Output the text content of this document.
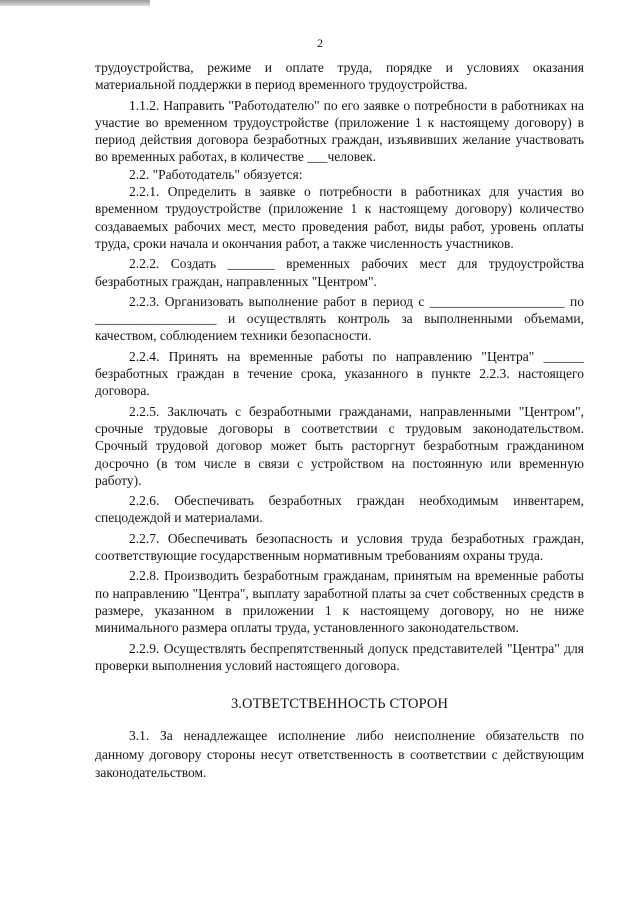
2

трудоустройства, режиме и оплате труда, порядке и условиях оказания материальной поддержки в период временного трудоустройства.

1.1.2. Направить "Работодателю" по его заявке о потребности в работниках на участие во временном трудоустройстве (приложение 1 к настоящему договору) в период действия договора безработных граждан, изъявивших желание участвовать во временных работах, в количестве ___человек.

2.2. "Работодатель" обязуется:

2.2.1. Определить в заявке о потребности в работниках для участия во временном трудоустройстве (приложение 1 к настоящему договору) количество создаваемых рабочих мест, место проведения работ, виды работ, уровень оплаты труда, сроки начала и окончания работ, а также численность участников.

2.2.2. Создать _______ временных рабочих мест для трудоустройства безработных граждан, направленных "Центром".

2.2.3. Организовать выполнение работ в период с ____________________ по __________________ и осуществлять контроль за выполненными объемами, качеством, соблюдением техники безопасности.

2.2.4. Принять на временные работы по направлению "Центра" ______ безработных граждан в течение срока, указанного в пункте 2.2.3. настоящего договора.

2.2.5. Заключать с безработными гражданами, направленными "Центром", срочные трудовые договоры в соответствии с трудовым законодательством. Срочный трудовой договор может быть расторгнут безработным гражданином досрочно (в том числе в связи с устройством на постоянную или временную работу).

2.2.6. Обеспечивать безработных граждан необходимым инвентарем, спецодеждой и материалами.

2.2.7. Обеспечивать безопасность и условия труда безработных граждан, соответствующие государственным нормативным требованиям охраны труда.

2.2.8. Производить безработным гражданам, принятым на временные работы по направлению "Центра", выплату заработной платы за счет собственных средств в размере, указанном в приложении 1 к настоящему договору, но не ниже минимального размера оплаты труда, установленного законодательством.

2.2.9. Осуществлять беспрепятственный допуск представителей "Центра" для проверки выполнения условий настоящего договора.

3.ОТВЕТСТВЕННОСТЬ СТОРОН

3.1. За ненадлежащее исполнение либо неисполнение обязательств по данному договору стороны несут ответственность в соответствии с действующим законодательством.
